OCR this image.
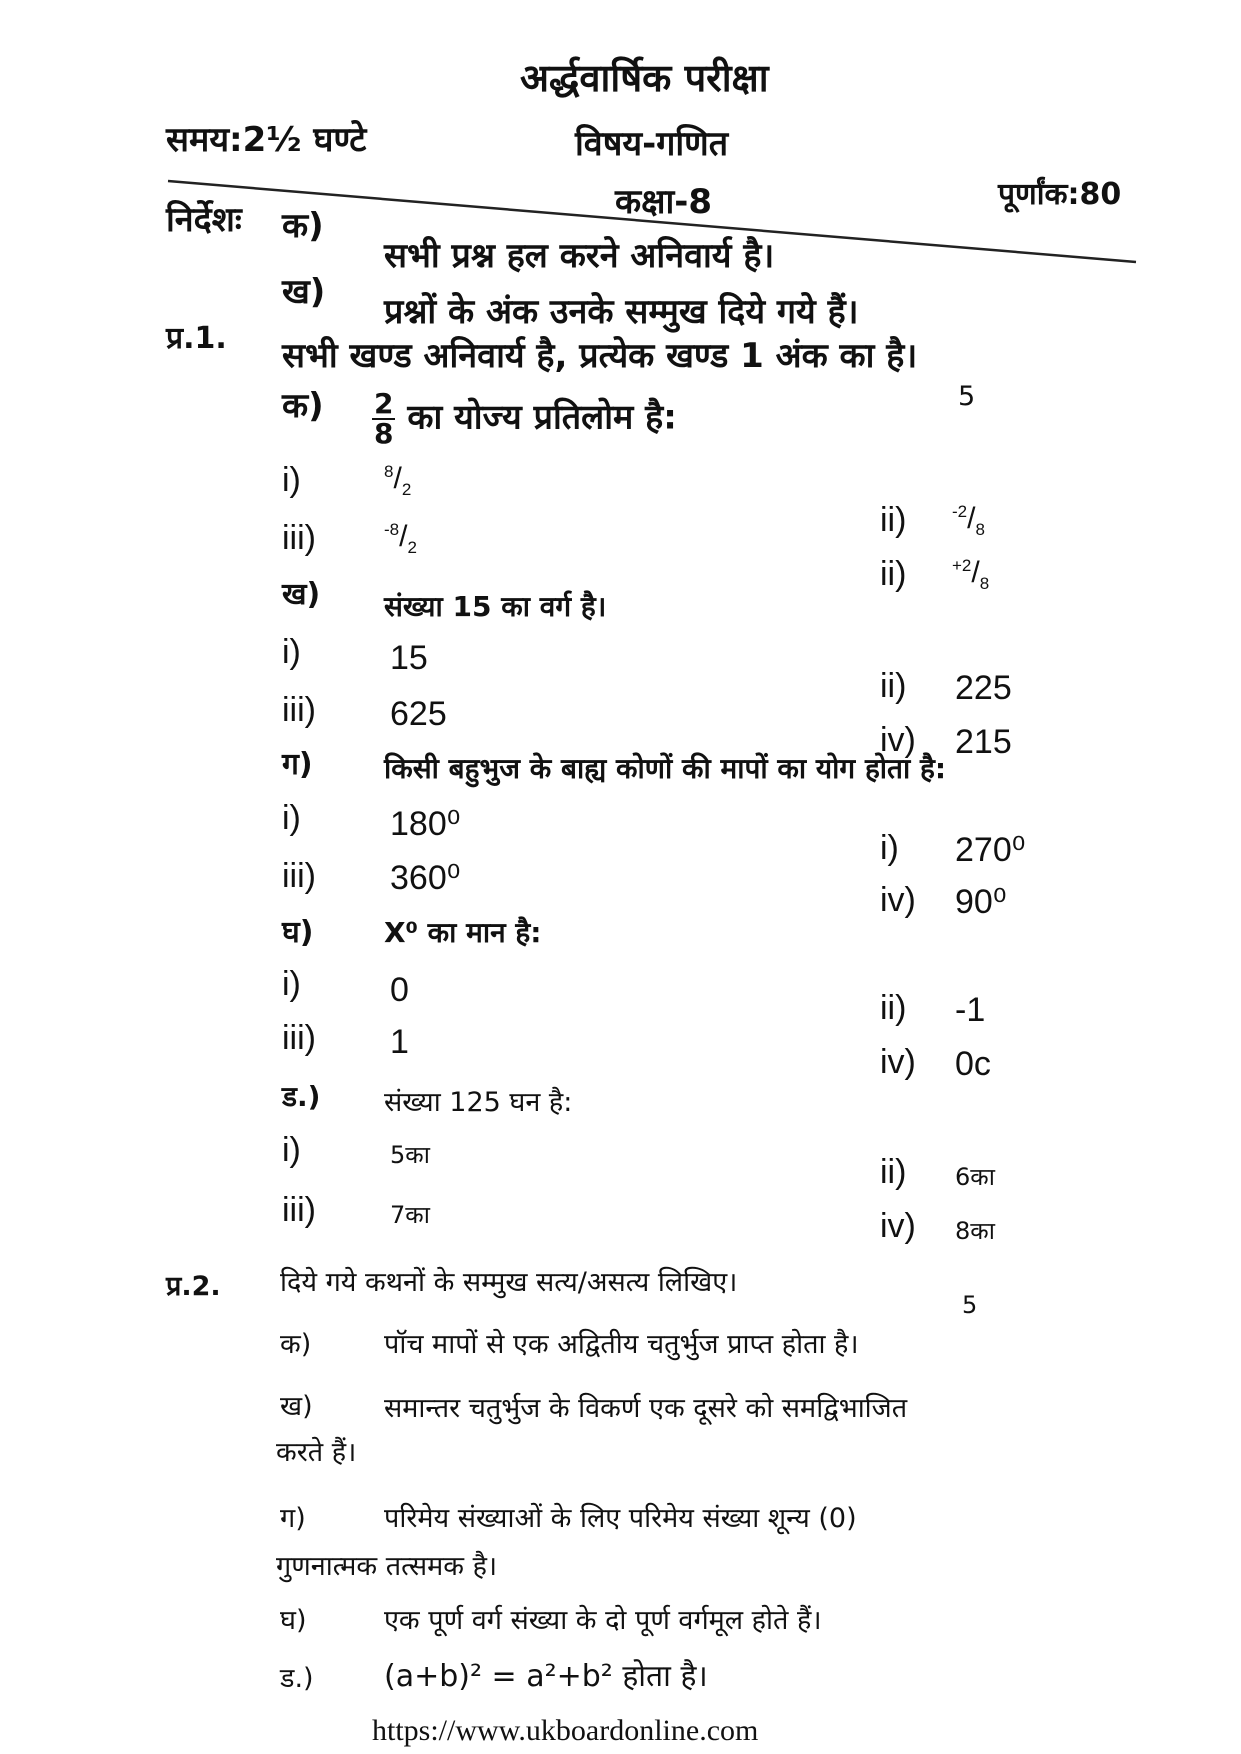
अर्द्धवार्षिक परीक्षा
समय:2½ घण्टे	विषय-गणित
कक्षा-8	पूर्णांक:80
निर्देशः क)
सभी प्रश्न हल करने अनिवार्य है।
ख) प्रश्नों के अंक उनके सम्मुख दिये गये हैं।
प्र.1. सभी खण्ड अनिवार्य है, प्रत्येक खण्ड 1 अंक का है।
5
क) $\frac{2}{8}$ का योज्य प्रतिलोम है:
i)	$^8/_2$
ii)	$^{-2}/_8$
iii)	$^{-8}/_2$
ii)	$^{+2}/_8$
ख) संख्या 15 का वर्ग है।
i)	15
ii) 225
iii) 625
iv) 215
ग)	किसी बहुभुज के बाह्य कोणों की मापों का योग होता है:
i)	180⁰
i) 270⁰
iii) 360⁰
iv) 90⁰
घ)	X⁰ का मान है:
i)	0	ii) -1
iii) 1
iv) 0c
ड.) संख्या 125 घन है:
i)	5का	ii) 6का
iii)	7का	iv) 8का
प्र.2. दिये गये कथनों के सम्मुख सत्य/असत्य लिखिए।
5
क)	पॉच मापों से एक अद्वितीय चतुर्भुज प्राप्त होता है।
ख)	समान्तर चतुर्भुज के विकर्ण एक दूसरे को समद्विभाजित
करते हैं।
ग)	परिमेय संख्याओं के लिए परिमेय संख्या शून्य (0)
गुणनात्मक तत्समक है।
घ)	एक पूर्ण वर्ग संख्या के दो पूर्ण वर्गमूल होते हैं।
ड.) (a+b)² = a²+b² होता है।
https://www.ukboardonline.com
